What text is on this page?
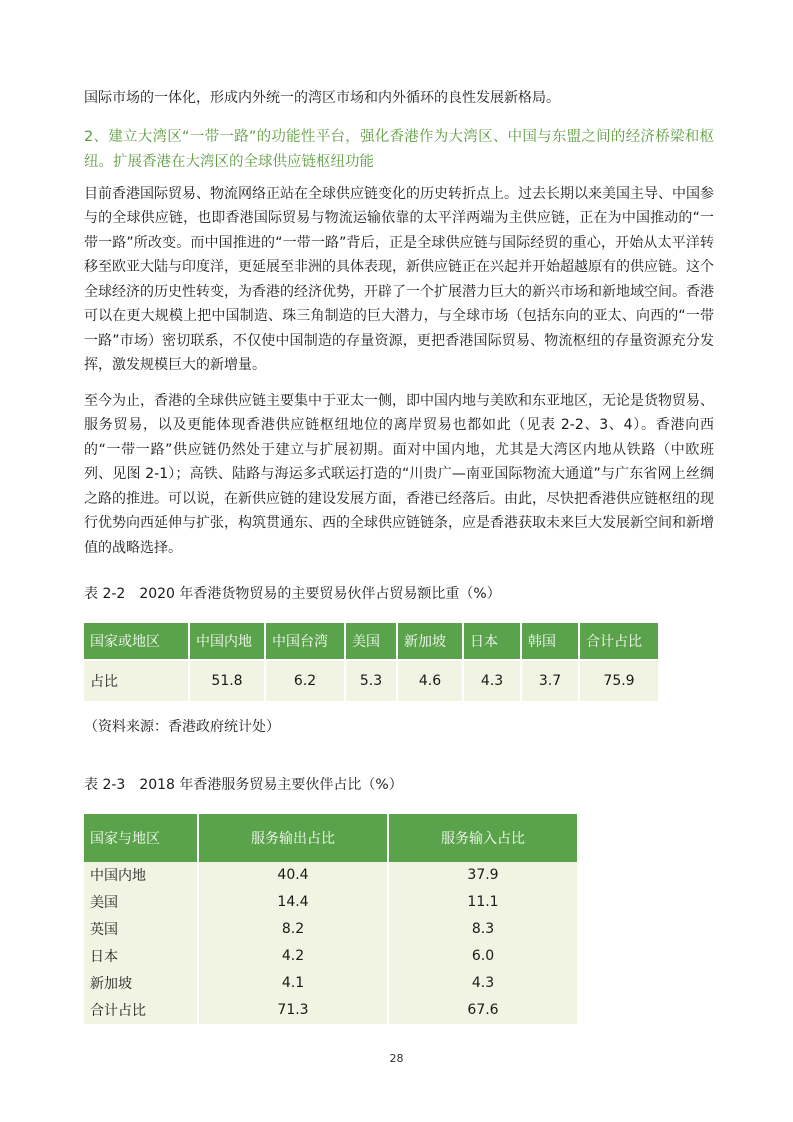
国际市场的一体化，形成内外统一的湾区市场和内外循环的良性发展新格局。

2、建立大湾区“一带一路”的功能性平台，强化香港作为大湾区、中国与东盟之间的经济桥梁和枢纽。扩展香港在大湾区的全球供应链枢纽功能

目前香港国际贸易、物流网络正站在全球供应链变化的历史转折点上。过去长期以来美国主导、中国参与的全球供应链，也即香港国际贸易与物流运输依靠的太平洋两端为主供应链，正在为中国推动的“一带一路”所改变。而中国推进的“一带一路”背后，正是全球供应链与国际经贸的重心，开始从太平洋转移至欧亚大陆与印度洋，更延展至非洲的具体表现，新供应链正在兴起并开始超越原有的供应链。这个全球经济的历史性转变，为香港的经济优势，开辟了一个扩展潜力巨大的新兴市场和新地域空间。香港可以在更大规模上把中国制造、珠三角制造的巨大潜力，与全球市场（包括东向的亚太、向西的“一带一路”市场）密切联系，不仅使中国制造的存量资源，更把香港国际贸易、物流枢纽的存量资源充分发挥，激发规模巨大的新增量。

至今为止，香港的全球供应链主要集中于亚太一侧，即中国内地与美欧和东亚地区，无论是货物贸易、服务贸易，以及更能体现香港供应链枢纽地位的离岸贸易也都如此（见表 2-2、3、4）。香港向西的“一带一路”供应链仍然处于建立与扩展初期。面对中国内地，尤其是大湾区内地从铁路（中欧班列、见图 2-1）；高铁、陆路与海运多式联运打造的“川贵广—南亚国际物流大通道”与广东省网上丝绸之路的推进。可以说，在新供应链的建设发展方面，香港已经落后。由此，尽快把香港供应链枢纽的现行优势向西延伸与扩张，构筑贯通东、西的全球供应链链条，应是香港获取未来巨大发展新空间和新增值的战略选择。

表 2-2　2020 年香港货物贸易的主要贸易伙伴占贸易额比重（%）

国家或地区	中国内地	中国台湾	美国	新加坡	日本	韩国	合计占比
占比	51.8	6.2	5.3	4.6	4.3	3.7	75.9

（资料来源：香港政府统计处）

表 2-3　2018 年香港服务贸易主要伙伴占比（%）

国家与地区	服务输出占比	服务输入占比
中国内地	40.4	37.9
美国	14.4	11.1
英国	8.2	8.3
日本	4.2	6.0
新加坡	4.1	4.3
合计占比	71.3	67.6
28
